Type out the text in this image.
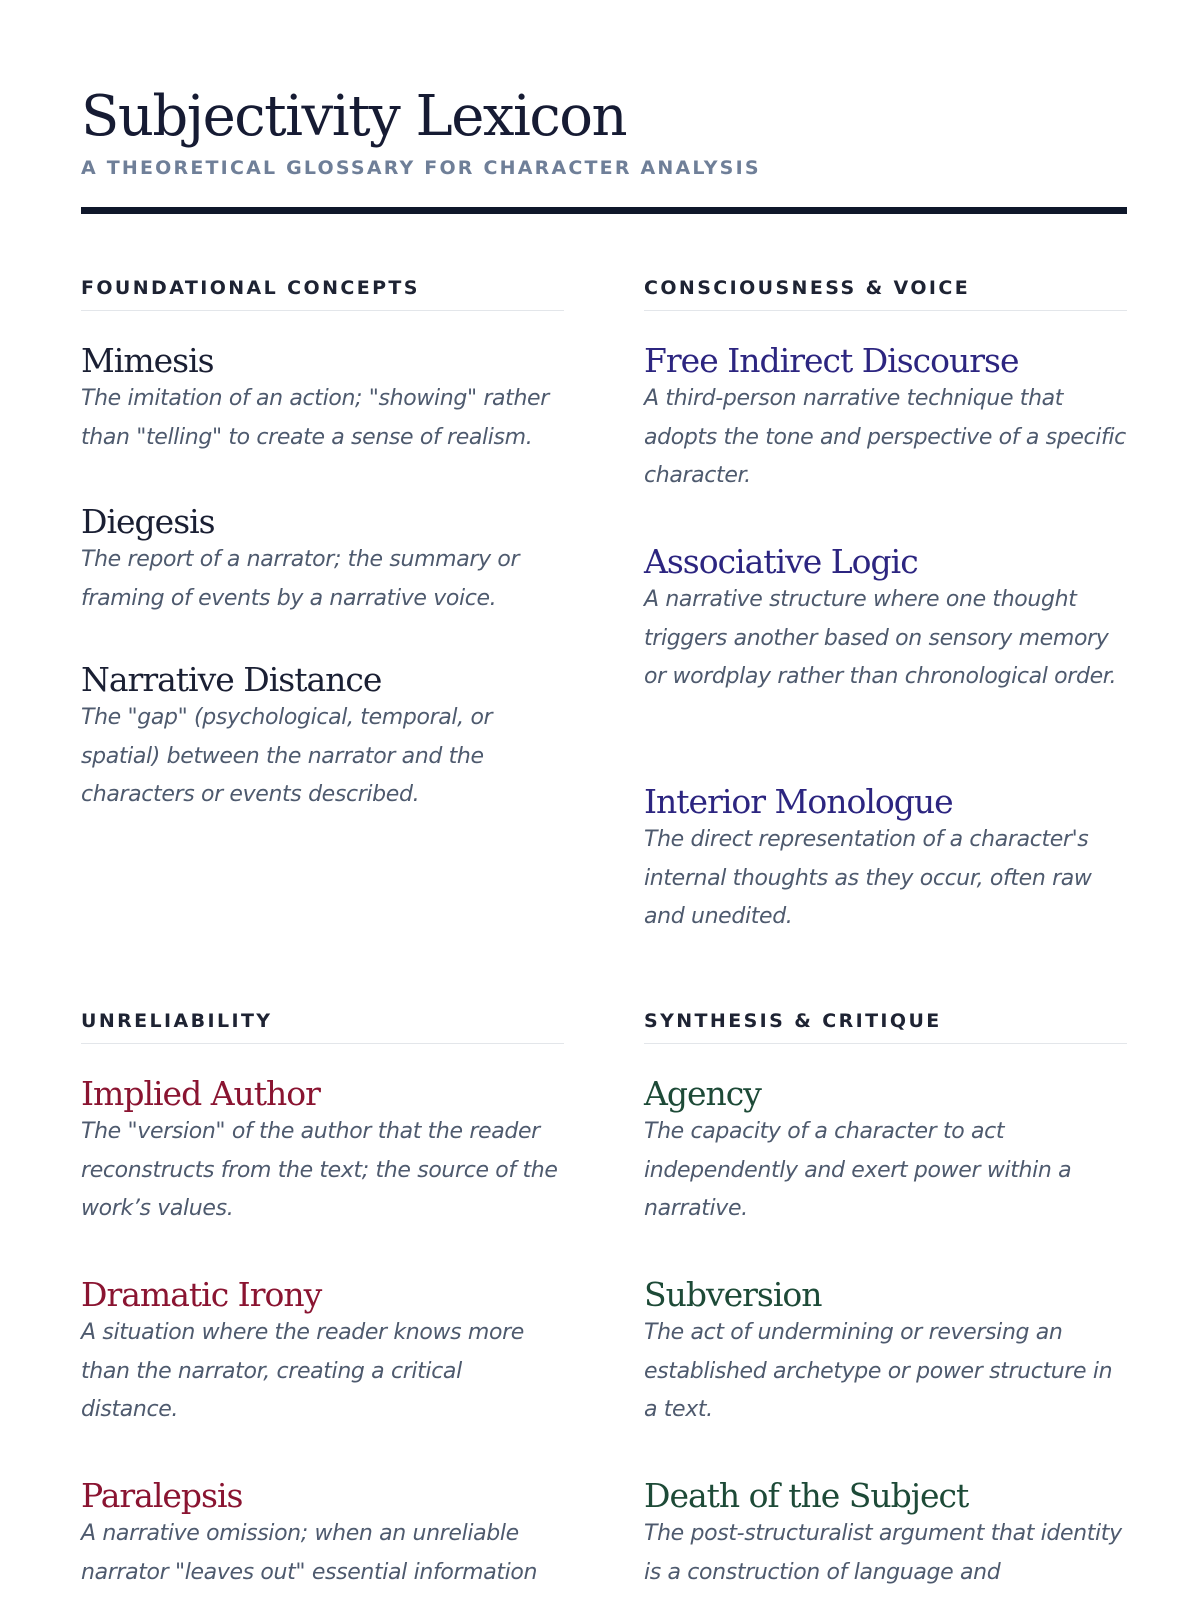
Subjectivity Lexicon
A THEORETICAL GLOSSARY FOR CHARACTER ANALYSIS
FOUNDATIONAL CONCEPTS
Mimesis
The imitation of an action; "showing" rather than "telling" to create a sense of realism.
Diegesis
The report of a narrator; the summary or framing of events by a narrative voice.
Narrative Distance
The "gap" (psychological, temporal, or spatial) between the narrator and the characters or events described.
CONSCIOUSNESS & VOICE
Free Indirect Discourse
A third-person narrative technique that adopts the tone and perspective of a specific character.
Associative Logic
A narrative structure where one thought triggers another based on sensory memory or wordplay rather than chronological order.
Interior Monologue
The direct representation of a character's internal thoughts as they occur, often raw and unedited.
UNRELIABILITY
Implied Author
The "version" of the author that the reader reconstructs from the text; the source of the work’s values.
Dramatic Irony
A situation where the reader knows more than the narrator, creating a critical distance.
Paralepsis
A narrative omission; when an unreliable narrator "leaves out" essential information
SYNTHESIS & CRITIQUE
Agency
The capacity of a character to act independently and exert power within a narrative.
Subversion
The act of undermining or reversing an established archetype or power structure in a text.
Death of the Subject
The post-structuralist argument that identity is a construction of language and
